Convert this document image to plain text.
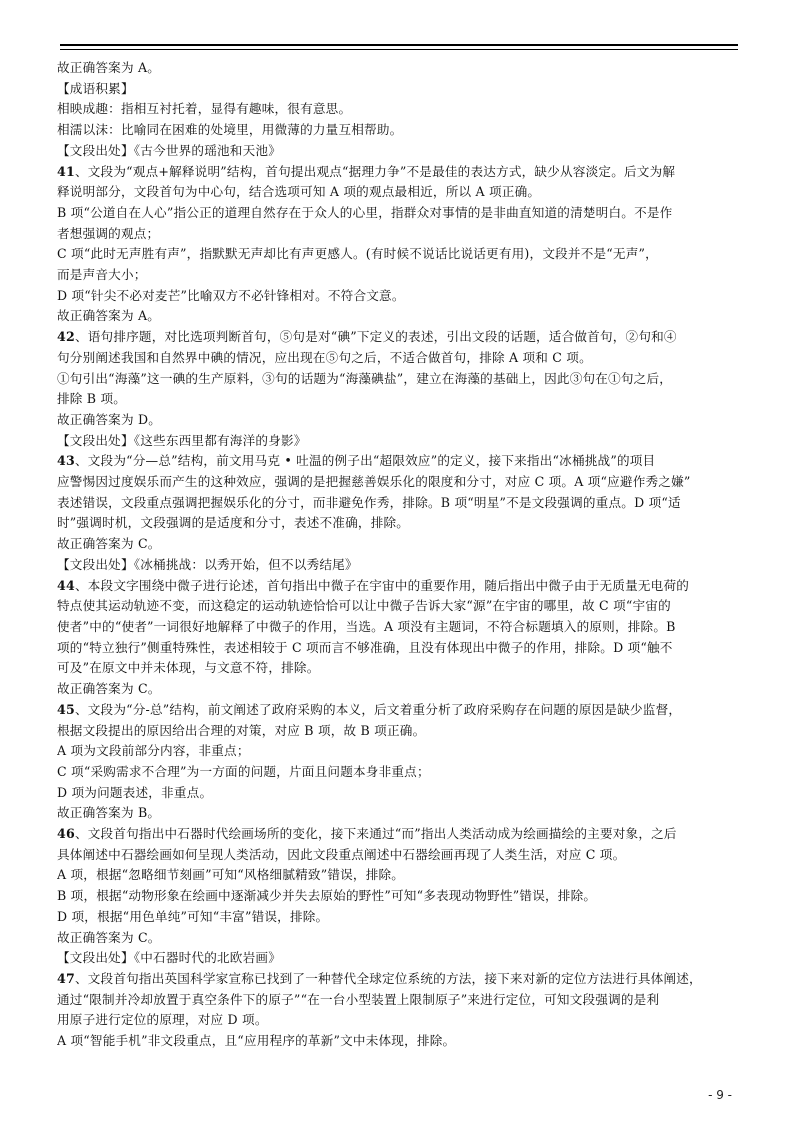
故正确答案为 A。
【成语积累】
相映成趣：指相互衬托着，显得有趣味，很有意思。
相濡以沫：比喻同在困难的处境里，用微薄的力量互相帮助。
【文段出处】《古今世界的瑶池和天池》
41、文段为“观点+解释说明”结构，首句提出观点“据理力争”不是最佳的表达方式，缺少从容淡定。后文为解
释说明部分，文段首句为中心句，结合选项可知 A 项的观点最相近，所以 A 项正确。
B 项“公道自在人心”指公正的道理自然存在于众人的心里，指群众对事情的是非曲直知道的清楚明白。不是作
者想强调的观点；
C 项“此时无声胜有声”，指默默无声却比有声更感人。(有时候不说话比说话更有用)，文段并不是“无声”，
而是声音大小；
D 项“针尖不必对麦芒”比喻双方不必针锋相对。不符合文意。
故正确答案为 A。
42、语句排序题，对比选项判断首句，⑤句是对“碘”下定义的表述，引出文段的话题，适合做首句，②句和④
句分别阐述我国和自然界中碘的情况，应出现在⑤句之后，不适合做首句，排除 A 项和 C 项。
①句引出“海藻”这一碘的生产原料，③句的话题为“海藻碘盐”，建立在海藻的基础上，因此③句在①句之后，
排除 B 项。
故正确答案为 D。
【文段出处】《这些东西里都有海洋的身影》
43、文段为“分—总”结构，前文用马克 • 吐温的例子出“超限效应”的定义，接下来指出“冰桶挑战”的项目
应警惕因过度娱乐而产生的这种效应，强调的是把握慈善娱乐化的限度和分寸，对应 C 项。A 项“应避作秀之嫌”
表述错误，文段重点强调把握娱乐化的分寸，而非避免作秀，排除。B 项“明星”不是文段强调的重点。D 项“适
时”强调时机，文段强调的是适度和分寸，表述不准确，排除。
故正确答案为 C。
【文段出处】《冰桶挑战：以秀开始，但不以秀结尾》
44、本段文字围绕中微子进行论述，首句指出中微子在宇宙中的重要作用，随后指出中微子由于无质量无电荷的
特点使其运动轨迹不变，而这稳定的运动轨迹恰恰可以让中微子告诉大家“源”在宇宙的哪里，故 C 项“宇宙的
使者”中的“使者”一词很好地解释了中微子的作用，当选。A 项没有主题词，不符合标题填入的原则，排除。B
项的“特立独行”侧重特殊性，表述相较于 C 项而言不够准确，且没有体现出中微子的作用，排除。D 项“触不
可及”在原文中并未体现，与文意不符，排除。
故正确答案为 C。
45、文段为“分-总”结构，前文阐述了政府采购的本义，后文着重分析了政府采购存在问题的原因是缺少监督，
根据文段提出的原因给出合理的对策，对应 B 项，故 B 项正确。
A 项为文段前部分内容，非重点；
C 项“采购需求不合理”为一方面的问题，片面且问题本身非重点；
D 项为问题表述，非重点。
故正确答案为 B。
46、文段首句指出中石器时代绘画场所的变化，接下来通过“而”指出人类活动成为绘画描绘的主要对象，之后
具体阐述中石器绘画如何呈现人类活动，因此文段重点阐述中石器绘画再现了人类生活，对应 C 项。
A 项，根据“忽略细节刻画”可知“风格细腻精致”错误，排除。
B 项，根据“动物形象在绘画中逐渐减少并失去原始的野性”可知“多表现动物野性”错误，排除。
D 项，根据“用色单纯”可知“丰富”错误，排除。
故正确答案为 C。
【文段出处】《中石器时代的北欧岩画》
47、文段首句指出英国科学家宣称已找到了一种替代全球定位系统的方法，接下来对新的定位方法进行具体阐述，
通过“限制并冷却放置于真空条件下的原子”“在一台小型装置上限制原子”来进行定位，可知文段强调的是利
用原子进行定位的原理，对应 D 项。
A 项“智能手机”非文段重点，且“应用程序的革新”文中未体现，排除。
- 9 -
